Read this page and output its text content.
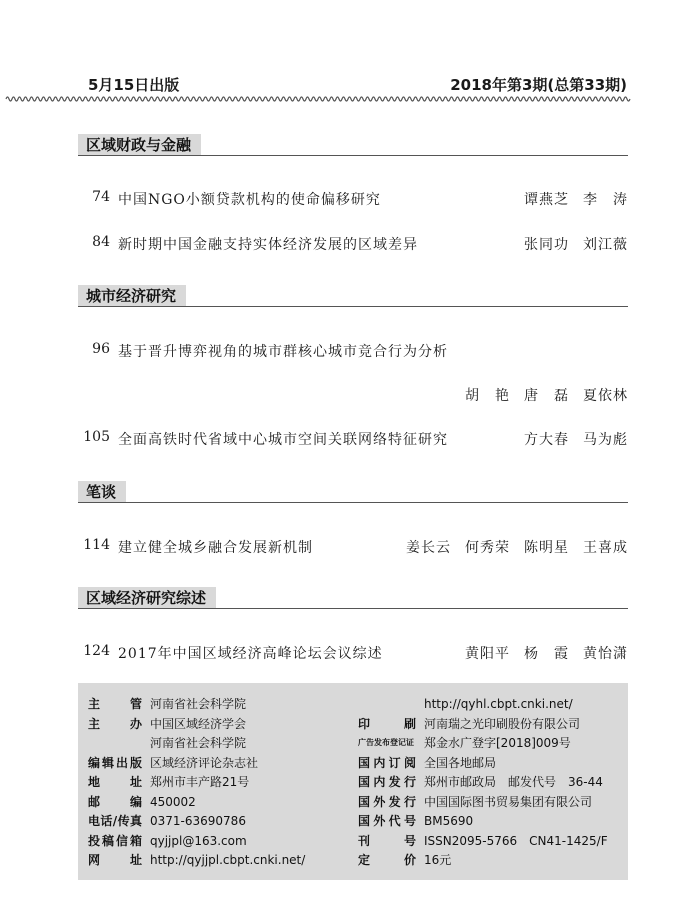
5月15日出版	2018年第3期(总第33期)
区域财政与金融
74 中国NGO小额贷款机构的使命偏移研究	谭燕芝 李　涛
84 新时期中国金融支持实体经济发展的区域差异	张同功 刘江薇
城市经济研究
96 基于晋升博弈视角的城市群核心城市竞合行为分析
胡　艳 唐　磊 夏依林
105 全面高铁时代省域中心城市空间关联网络特征研究	方大春 马为彪
笔谈
114 建立健全城乡融合发展新机制	姜长云 何秀荣 陈明星 王喜成
区域经济研究综述
124 2017年中国区域经济高峰论坛会议综述	黄阳平 杨　霞 黄怡潇
主　管 河南省社会科学院
主　办 中国区域经济学会
河南省社会科学院
编辑出版 区域经济评论杂志社
地　址 郑州市丰产路21号
邮　编 450002
电话/传真 0371-63690786
投稿信箱 qyjjpl@163.com
网　址 http://qyjjpl.cbpt.cnki.net/
http://qyhl.cbpt.cnki.net/
印　刷 河南瑞之光印刷股份有限公司
广告发布登记证 郑金水广登字[2018]009号
国内订阅 全国各地邮局
国内发行 郑州市邮政局　邮发代号　36-44
国外发行 中国国际图书贸易集团有限公司
国外代号 BM5690
刊　号 ISSN2095-5766　CN41-1425/F
定　价 16元
